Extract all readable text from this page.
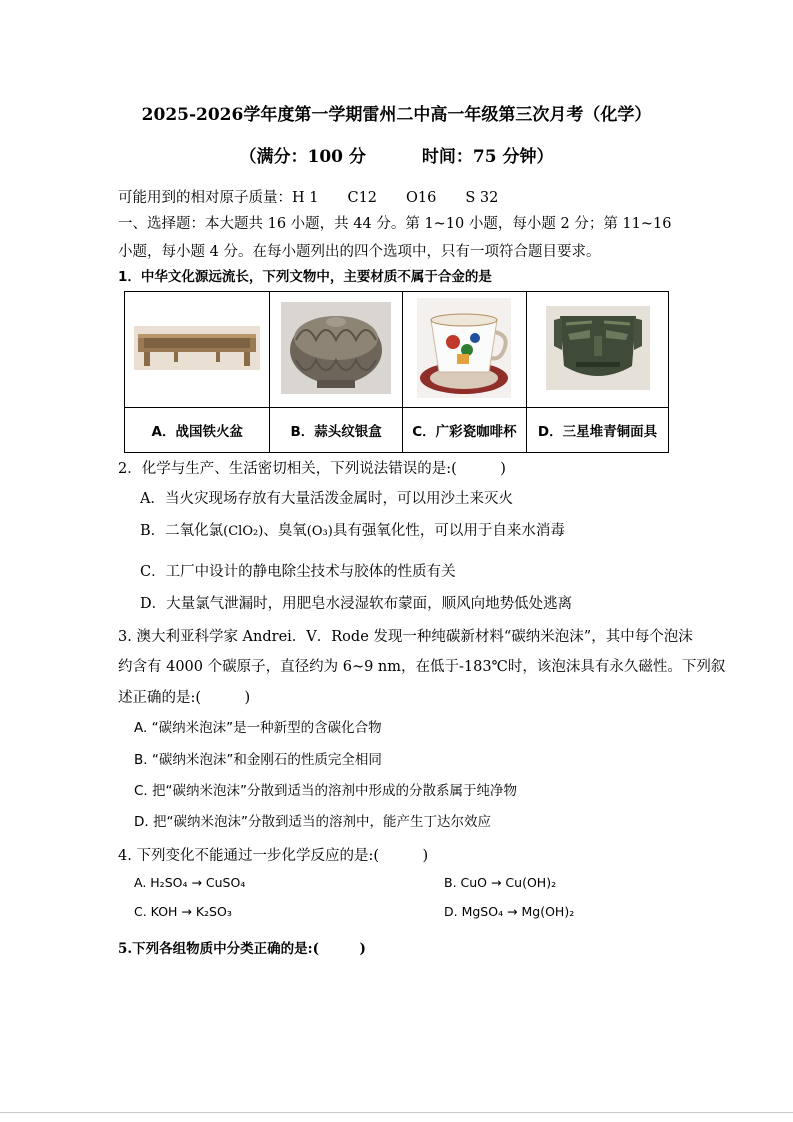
2025-2026学年度第一学期雷州二中高一年级第三次月考（化学）
（满分：100 分	时间：75 分钟）
可能用到的相对原子质量：H 1　　C12　　O16　　S 32
一、选择题：本大题共 16 小题，共 44 分。第 1~10 小题，每小题 2 分；第 11~16
小题，每小题 4 分。在每小题列出的四个选项中，只有一项符合题目要求。
1．中华文化源远流长，下列文物中，主要材质不属于合金的是

A．战国铁火盆	B．蒜头纹银盒	C．广彩瓷咖啡杯	D．三星堆青铜面具
2．化学与生产、生活密切相关，下列说法错误的是:(　　　)
A．当火灾现场存放有大量活泼金属时，可以用沙土来灭火
B．二氧化氯(ClO₂)、臭氧(O₃)具有强氧化性，可以用于自来水消毒
C．工厂中设计的静电除尘技术与胶体的性质有关
D．大量氯气泄漏时，用肥皂水浸湿软布蒙面，顺风向地势低处逃离
3. 澳大利亚科学家 Andrei．V．Rode 发现一种纯碳新材料“碳纳米泡沫”，其中每个泡沫
约含有 4000 个碳原子，直径约为 6~9 nm，在低于-183℃时，该泡沫具有永久磁性。下列叙
述正确的是:(　　　)
A. “碳纳米泡沫”是一种新型的含碳化合物
B. “碳纳米泡沫”和金刚石的性质完全相同
C. 把“碳纳米泡沫”分散到适当的溶剂中形成的分散系属于纯净物
D. 把“碳纳米泡沫”分散到适当的溶剂中，能产生丁达尔效应
4. 下列变化不能通过一步化学反应的是:(　　　)
A. H₂SO₄ → CuSO₄	B. CuO → Cu(OH)₂
C. KOH → K₂SO₃	D. MgSO₄ → Mg(OH)₂
5.下列各组物质中分类正确的是:(　　　)
